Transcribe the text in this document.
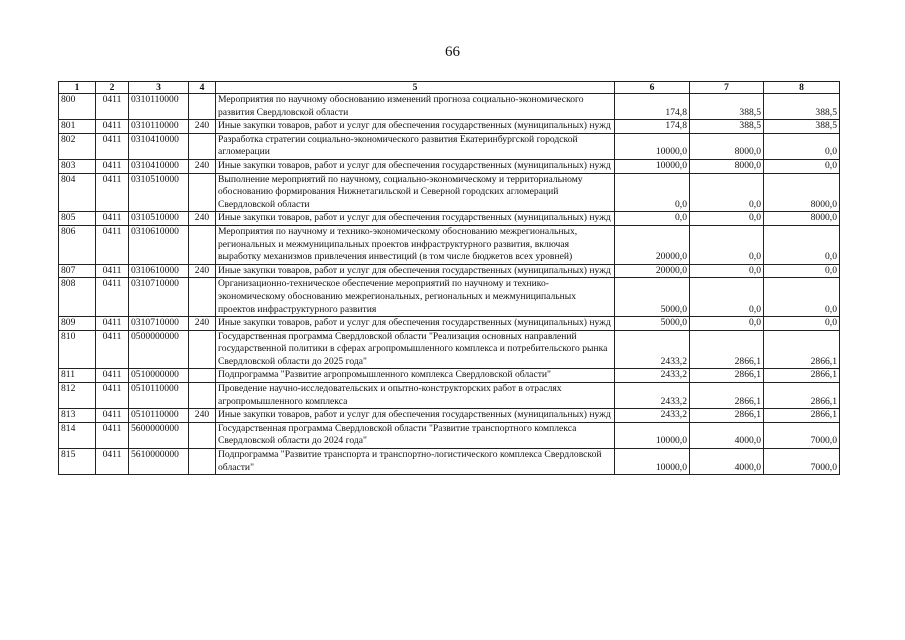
66
1	2	3	4	5	6	7	8
800	0411	0310110000		Мероприятия по научному обоснованию изменений прогноза социально-экономического развития Свердловской области	174,8	388,5	388,5
801	0411	0310110000	240	Иные закупки товаров, работ и услуг для обеспечения государственных (муниципальных) нужд	174,8	388,5	388,5
802	0411	0310410000		Разработка стратегии социально-экономического развития Екатеринбургской городской агломерации	10000,0	8000,0	0,0
803	0411	0310410000	240	Иные закупки товаров, работ и услуг для обеспечения государственных (муниципальных) нужд	10000,0	8000,0	0,0
804	0411	0310510000		Выполнение мероприятий по научному, социально-экономическому и территориальному обоснованию формирования Нижнетагильской и Северной городских агломераций Свердловской области	0,0	0,0	8000,0
805	0411	0310510000	240	Иные закупки товаров, работ и услуг для обеспечения государственных (муниципальных) нужд	0,0	0,0	8000,0
806	0411	0310610000		Мероприятия по научному и технико-экономическому обоснованию межрегиональных, региональных и межмуниципальных проектов инфраструктурного развития, включая выработку механизмов привлечения инвестиций (в том числе бюджетов всех уровней)	20000,0	0,0	0,0
807	0411	0310610000	240	Иные закупки товаров, работ и услуг для обеспечения государственных (муниципальных) нужд	20000,0	0,0	0,0
808	0411	0310710000		Организационно-техническое обеспечение мероприятий по научному и технико-экономическому обоснованию межрегиональных, региональных и межмуниципальных проектов инфраструктурного развития	5000,0	0,0	0,0
809	0411	0310710000	240	Иные закупки товаров, работ и услуг для обеспечения государственных (муниципальных) нужд	5000,0	0,0	0,0
810	0411	0500000000		Государственная программа Свердловской области "Реализация основных направлений государственной политики в сферах агропромышленного комплекса и потребительского рынка Свердловской области до 2025 года"	2433,2	2866,1	2866,1
811	0411	0510000000		Подпрограмма "Развитие агропромышленного комплекса Свердловской области"	2433,2	2866,1	2866,1
812	0411	0510110000		Проведение научно-исследовательских и опытно-конструкторских работ в отраслях агропромышленного комплекса	2433,2	2866,1	2866,1
813	0411	0510110000	240	Иные закупки товаров, работ и услуг для обеспечения государственных (муниципальных) нужд	2433,2	2866,1	2866,1
814	0411	5600000000		Государственная программа Свердловской области "Развитие транспортного комплекса Свердловской области до 2024 года"	10000,0	4000,0	7000,0
815	0411	5610000000		Подпрограмма "Развитие транспорта и транспортно-логистического комплекса Свердловской области"	10000,0	4000,0	7000,0
